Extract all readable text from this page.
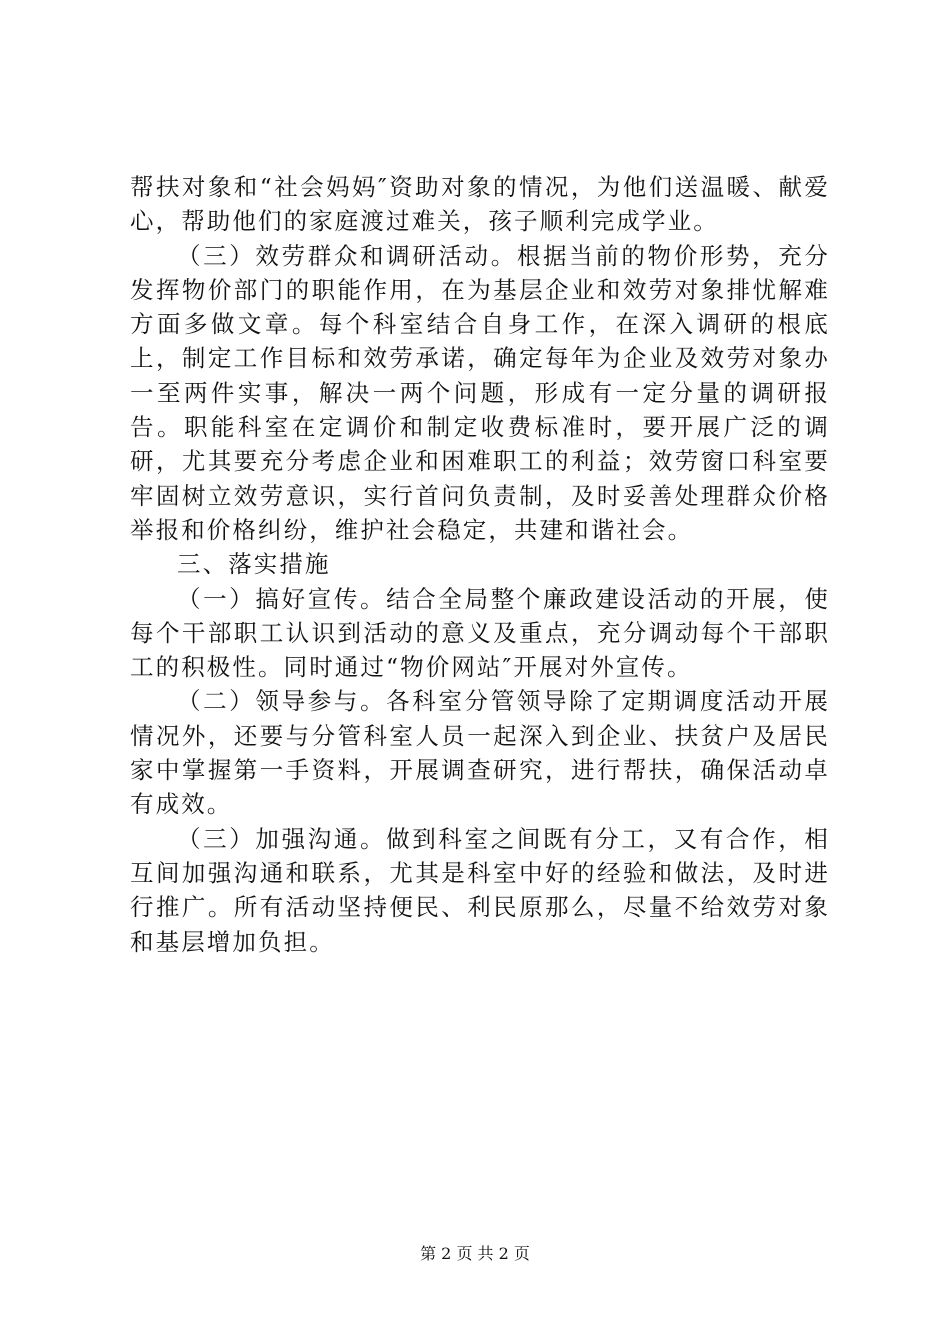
帮扶对象和“社会妈妈″资助对象的情况，为他们送温暖、献爱心，帮助他们的家庭渡过难关，孩子顺利完成学业。

（三）效劳群众和调研活动。根据当前的物价形势，充分发挥物价部门的职能作用，在为基层企业和效劳对象排忧解难方面多做文章。每个科室结合自身工作，在深入调研的根底上，制定工作目标和效劳承诺，确定每年为企业及效劳对象办一至两件实事，解决一两个问题，形成有一定分量的调研报告。职能科室在定调价和制定收费标准时，要开展广泛的调研，尤其要充分考虑企业和困难职工的利益；效劳窗口科室要牢固树立效劳意识，实行首问负责制，及时妥善处理群众价格举报和价格纠纷，维护社会稳定，共建和谐社会。

三、落实措施

（一）搞好宣传。结合全局整个廉政建设活动的开展，使每个干部职工认识到活动的意义及重点，充分调动每个干部职工的积极性。同时通过“物价网站″开展对外宣传。

（二）领导参与。各科室分管领导除了定期调度活动开展情况外，还要与分管科室人员一起深入到企业、扶贫户及居民家中掌握第一手资料，开展调查研究，进行帮扶，确保活动卓有成效。

（三）加强沟通。做到科室之间既有分工，又有合作，相互间加强沟通和联系，尤其是科室中好的经验和做法，及时进行推广。所有活动坚持便民、利民原那么，尽量不给效劳对象和基层增加负担。

第 2 页 共 2 页
